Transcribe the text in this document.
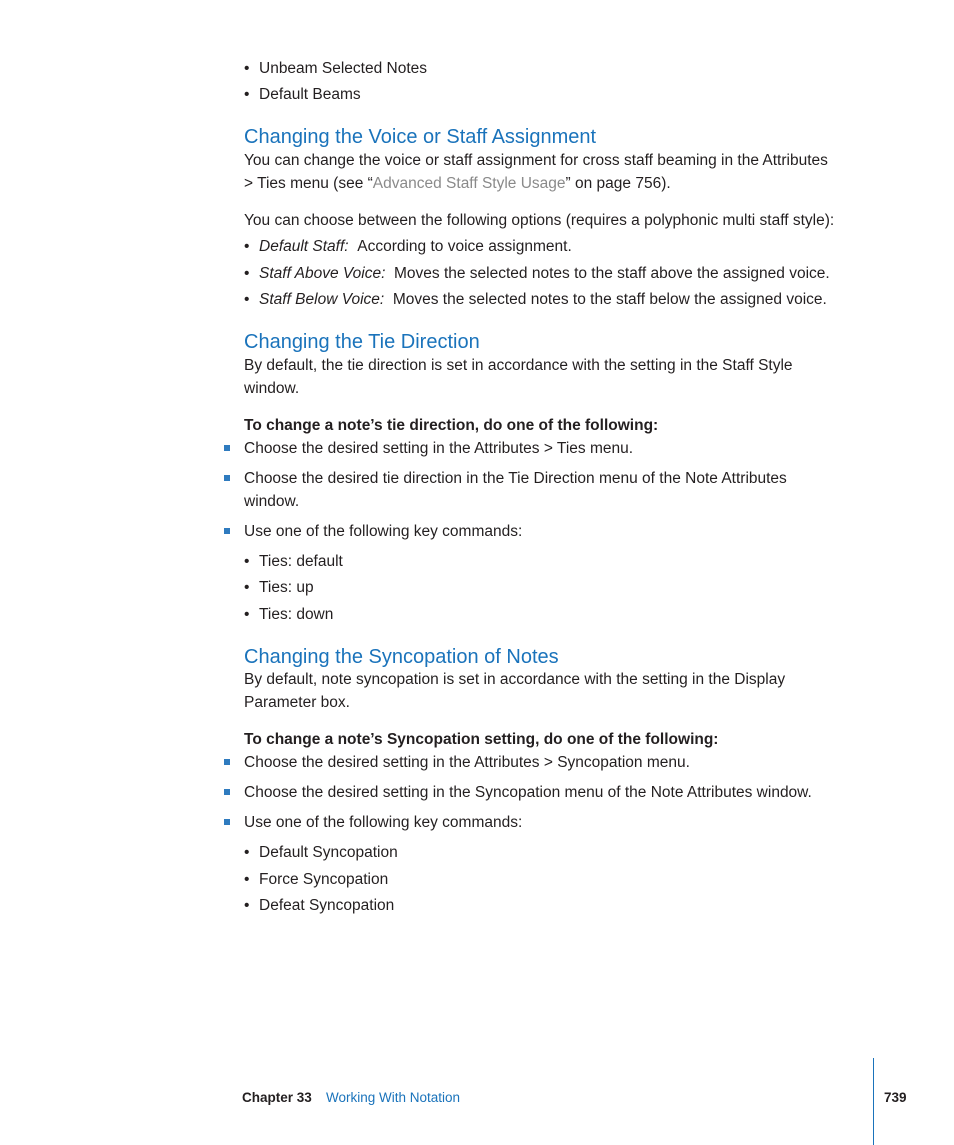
• Unbeam Selected Notes
• Default Beams
Changing the Voice or Staff Assignment
You can change the voice or staff assignment for cross staff beaming in the Attributes
> Ties menu (see “Advanced Staff Style Usage” on page 756).
You can choose between the following options (requires a polyphonic multi staff style):
• Default Staff: According to voice assignment.
• Staff Above Voice: Moves the selected notes to the staff above the assigned voice.
• Staff Below Voice: Moves the selected notes to the staff below the assigned voice.
Changing the Tie Direction
By default, the tie direction is set in accordance with the setting in the Staff Style
window.
To change a note’s tie direction, do one of the following:
Choose the desired setting in the Attributes > Ties menu.
Choose the desired tie direction in the Tie Direction menu of the Note Attributes
window.
Use one of the following key commands:
• Ties: default
• Ties: up
• Ties: down
Changing the Syncopation of Notes
By default, note syncopation is set in accordance with the setting in the Display
Parameter box.
To change a note’s Syncopation setting, do one of the following:
Choose the desired setting in the Attributes > Syncopation menu.
Choose the desired setting in the Syncopation menu of the Note Attributes window.
Use one of the following key commands:
• Default Syncopation
• Force Syncopation
• Defeat Syncopation
Chapter 33 Working With Notation	739
